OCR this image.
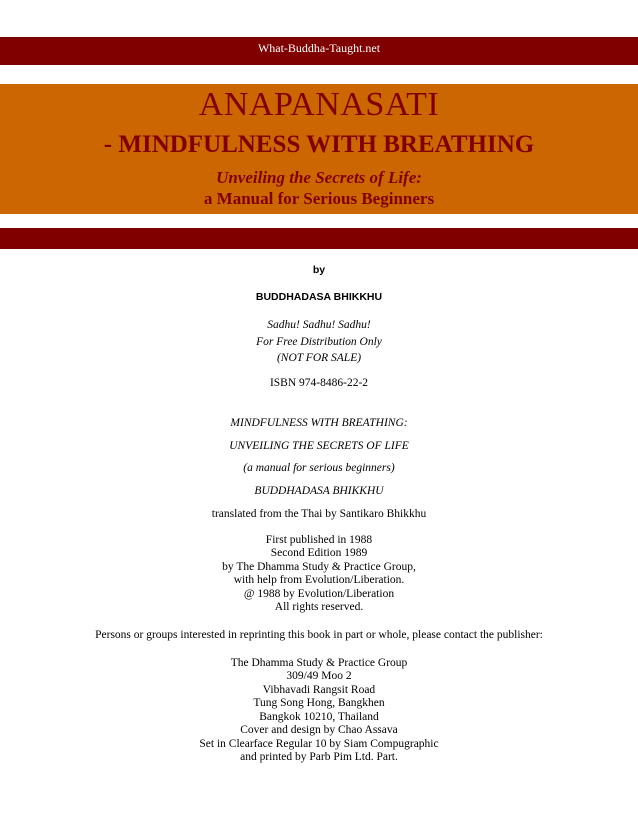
What-Buddha-Taught.net
ANAPANASATI
- MINDFULNESS WITH BREATHING
Unveiling the Secrets of Life:
a Manual for Serious Beginners
by
BUDDHADASA BHIKKHU
Sadhu! Sadhu! Sadhu!
For Free Distribution Only
(NOT FOR SALE)
ISBN 974-8486-22-2
MINDFULNESS WITH BREATHING:
UNVEILING THE SECRETS OF LIFE
(a manual for serious beginners)
BUDDHADASA BHIKKHU
translated from the Thai by Santikaro Bhikkhu
First published in 1988
Second Edition 1989
by The Dhamma Study & Practice Group,
with help from Evolution/Liberation.
@ 1988 by Evolution/Liberation
All rights reserved.
Persons or groups interested in reprinting this book in part or whole, please contact the publisher:
The Dhamma Study & Practice Group
309/49 Moo 2
Vibhavadi Rangsit Road
Tung Song Hong, Bangkhen
Bangkok 10210, Thailand
Cover and design by Chao Assava
Set in Clearface Regular 10 by Siam Compugraphic
and printed by Parb Pim Ltd. Part.
